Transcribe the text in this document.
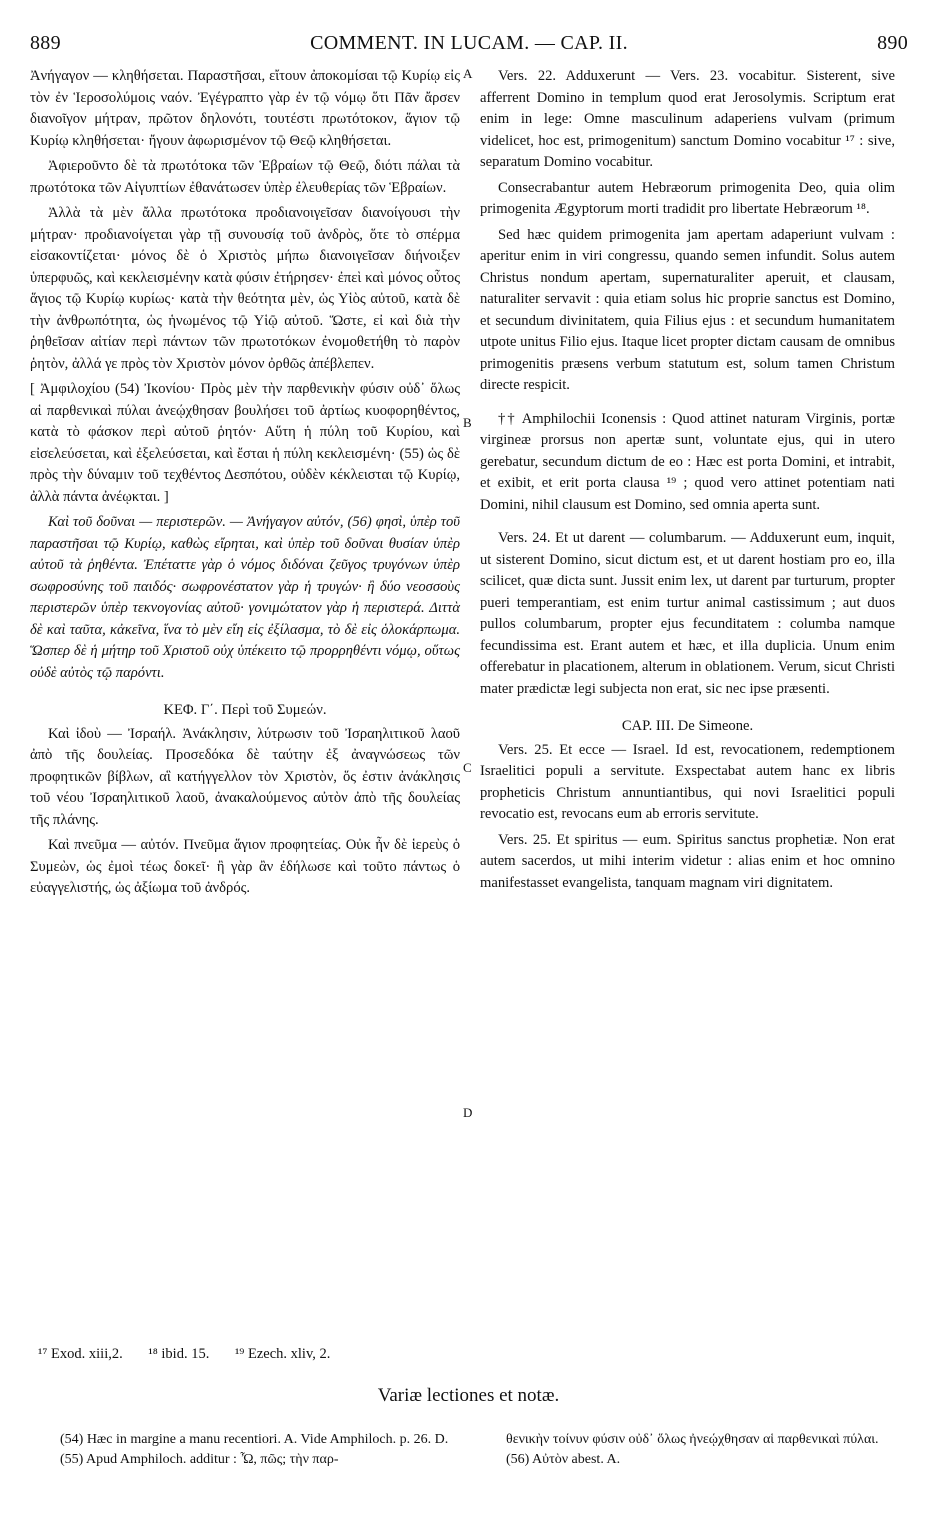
889	COMMENT. IN LUCAM. — CAP. II.	890
A
B
C
D

Ἀνήγαγον — κληθήσεται. Παραστῆσαι, εἴτουν ἀποκομίσαι τῷ Κυρίῳ εἰς τὸν ἐν Ἱεροσολύμοις ναόν. Ἐγέγραπτο γὰρ ἐν τῷ νόμῳ ὅτι Πᾶν ἄρσεν διανοῖγον μήτραν, πρῶτον δηλονότι, τουτέστι πρωτότοκον, ἅγιον τῷ Κυρίῳ κληθήσεται· ἤγουν ἀφωρισμένον τῷ Θεῷ κληθήσεται.

Ἀφιεροῦντο δὲ τὰ πρωτότοκα τῶν Ἑβραίων τῷ Θεῷ, διότι πάλαι τὰ πρωτότοκα τῶν Αἰγυπτίων ἐθανάτωσεν ὑπὲρ ἐλευθερίας τῶν Ἑβραίων.

Ἀλλὰ τὰ μὲν ἄλλα πρωτότοκα προδιανοιγεῖσαν διανοίγουσι τὴν μήτραν· προδιανοίγεται γὰρ τῇ συνουσίᾳ τοῦ ἀνδρὸς, ὅτε τὸ σπέρμα εἰσακοντίζεται· μόνος δὲ ὁ Χριστὸς μήπω διανοιγεῖσαν διήνοιξεν ὑπερφυῶς, καὶ κεκλεισμένην κατὰ φύσιν ἐτήρησεν· ἐπεὶ καὶ μόνος οὗτος ἅγιος τῷ Κυρίῳ κυρίως· κατὰ τὴν θεότητα μὲν, ὡς Υἱὸς αὐτοῦ, κατὰ δὲ τὴν ἀνθρωπότητα, ὡς ἡνωμένος τῷ Υἱῷ αὐτοῦ. Ὥστε, εἰ καὶ διὰ τὴν ῥηθεῖσαν αἰτίαν περὶ πάντων τῶν πρωτοτόκων ἐνομοθετήθη τὸ παρὸν ῥητὸν, ἀλλά γε πρὸς τὸν Χριστὸν μόνον ὀρθῶς ἀπέβλεπεν.

[ Ἀμφιλοχίου (54) Ἰκονίου· Πρὸς μὲν τὴν παρθενικὴν φύσιν οὐδ᾽ ὅλως αἱ παρθενικαὶ πύλαι ἀνεῴχθησαν βουλήσει τοῦ ἀρτίως κυοφορηθέντος, κατὰ τὸ φάσκον περὶ αὐτοῦ ῥητόν· Αὕτη ἡ πύλη τοῦ Κυρίου, καὶ εἰσελεύσεται, καὶ ἐξελεύσεται, καὶ ἔσται ἡ πύλη κεκλεισμένη· (55) ὡς δὲ πρὸς τὴν δύναμιν τοῦ τεχθέντος Δεσπότου, οὐδὲν κέκλεισται τῷ Κυρίῳ, ἀλλὰ πάντα ἀνέῳκται. ]

Καὶ τοῦ δοῦναι — περιστερῶν. — Ἀνήγαγον αὐτόν, (56) φησὶ, ὑπὲρ τοῦ παραστῆσαι τῷ Κυρίῳ, καθὼς εἴρηται, καὶ ὑπὲρ τοῦ δοῦναι θυσίαν ὑπὲρ αὐτοῦ τὰ ῥηθέντα. Ἐπέταττε γὰρ ὁ νόμος διδόναι ζεῦγος τρυγόνων ὑπὲρ σωφροσύνης τοῦ παιδός· σωφρονέστατον γὰρ ἡ τρυγών· ἢ δύο νεοσσοὺς περιστερῶν ὑπὲρ τεκνογονίας αὐτοῦ· γονιμώτατον γὰρ ἡ περιστερά. Διττὰ δὲ καὶ ταῦτα, κἀκεῖνα, ἵνα τὸ μὲν εἴη εἰς ἐξίλασμα, τὸ δὲ εἰς ὁλοκάρπωμα. Ὥσπερ δὲ ἡ μήτηρ τοῦ Χριστοῦ οὐχ ὑπέκειτο τῷ προρρηθέντι νόμῳ, οὕτως οὐδὲ αὐτὸς τῷ παρόντι.

ΚΕΦ. Γ΄. Περὶ τοῦ Συμεών.

Καὶ ἰδοὺ — Ἰσραήλ. Ἀνάκλησιν, λύτρωσιν τοῦ Ἰσραηλιτικοῦ λαοῦ ἀπὸ τῆς δουλείας. Προσεδόκα δὲ ταύτην ἐξ ἀναγνώσεως τῶν προφητικῶν βίβλων, αἳ κατήγγελλον τὸν Χριστὸν, ὅς ἐστιν ἀνάκλησις τοῦ νέου Ἰσραηλιτικοῦ λαοῦ, ἀνακαλούμενος αὐτὸν ἀπὸ τῆς δουλείας τῆς πλάνης.

Καὶ πνεῦμα — αὐτόν. Πνεῦμα ἅγιον προφητείας. Οὐκ ἦν δὲ ἱερεὺς ὁ Συμεὼν, ὡς ἐμοὶ τέως δοκεῖ· ἢ γὰρ ἂν ἐδήλωσε καὶ τοῦτο πάντως ὁ εὐαγγελιστής, ὡς ἀξίωμα τοῦ ἀνδρός.

Vers. 22. Adduxerunt — Vers. 23. vocabitur. Sisterent, sive afferrent Domino in templum quod erat Jerosolymis. Scriptum erat enim in lege: Omne masculinum adaperiens vulvam (primum videlicet, hoc est, primogenitum) sanctum Domino vocabitur ¹⁷ : sive, separatum Domino vocabitur.

Consecrabantur autem Hebræorum primogenita Deo, quia olim primogenita Ægyptorum morti tradidit pro libertate Hebræorum ¹⁸.

Sed hæc quidem primogenita jam apertam adaperiunt vulvam : aperitur enim in viri congressu, quando semen infundit. Solus autem Christus nondum apertam, supernaturaliter aperuit, et clausam, naturaliter servavit : quia etiam solus hic proprie sanctus est Domino, et secundum divinitatem, quia Filius ejus : et secundum humanitatem utpote unitus Filio ejus. Itaque licet propter dictam causam de omnibus primogenitis præsens verbum statutum est, solum tamen Christum directe respicit.

†† Amphilochii Iconensis : Quod attinet naturam Virginis, portæ virgineæ prorsus non apertæ sunt, voluntate ejus, qui in utero gerebatur, secundum dictum de eo : Hæc est porta Domini, et intrabit, et exibit, et erit porta clausa ¹⁹ ; quod vero attinet potentiam nati Domini, nihil clausum est Domino, sed omnia aperta sunt.

Vers. 24. Et ut darent — columbarum. — Adduxerunt eum, inquit, ut sisterent Domino, sicut dictum est, et ut darent hostiam pro eo, illa scilicet, quæ dicta sunt. Jussit enim lex, ut darent par turturum, propter pueri temperantiam, est enim turtur animal castissimum ; aut duos pullos columbarum, propter ejus fecunditatem : columba namque fecundissima est. Erant autem et hæc, et illa duplicia. Unum enim offerebatur in placationem, alterum in oblationem. Verum, sicut Christi mater prædictæ legi subjecta non erat, sic nec ipse præsenti.

CAP. III. De Simeone.

Vers. 25. Et ecce — Israel. Id est, revocationem, redemptionem Israelitici populi a servitute. Exspectabat autem hanc ex libris propheticis Christum annuntiantibus, qui novi Israelitici populi revocatio est, revocans eum ab erroris servitute.

Vers. 25. Et spiritus — eum. Spiritus sanctus prophetiæ. Non erat autem sacerdos, ut mihi interim videtur : alias enim et hoc omnino manifestasset evangelista, tanquam magnam viri dignitatem.

¹⁷ Exod. xiii,2. ¹⁸ ibid. 15. ¹⁹ Ezech. xliv, 2.
Variæ lectiones et notæ.

(54) Hæc in margine a manu recentiori. A. Vide Amphiloch. p. 26. D.

(55) Apud Amphiloch. additur : Ὦ, πῶς; τὴν παρ-

θενικὴν τοίνυν φύσιν οὐδ᾽ ὅλως ἠνεῴχθησαν αἱ παρθενικαὶ πύλαι.

(56) Αὐτὸν abest. A.
